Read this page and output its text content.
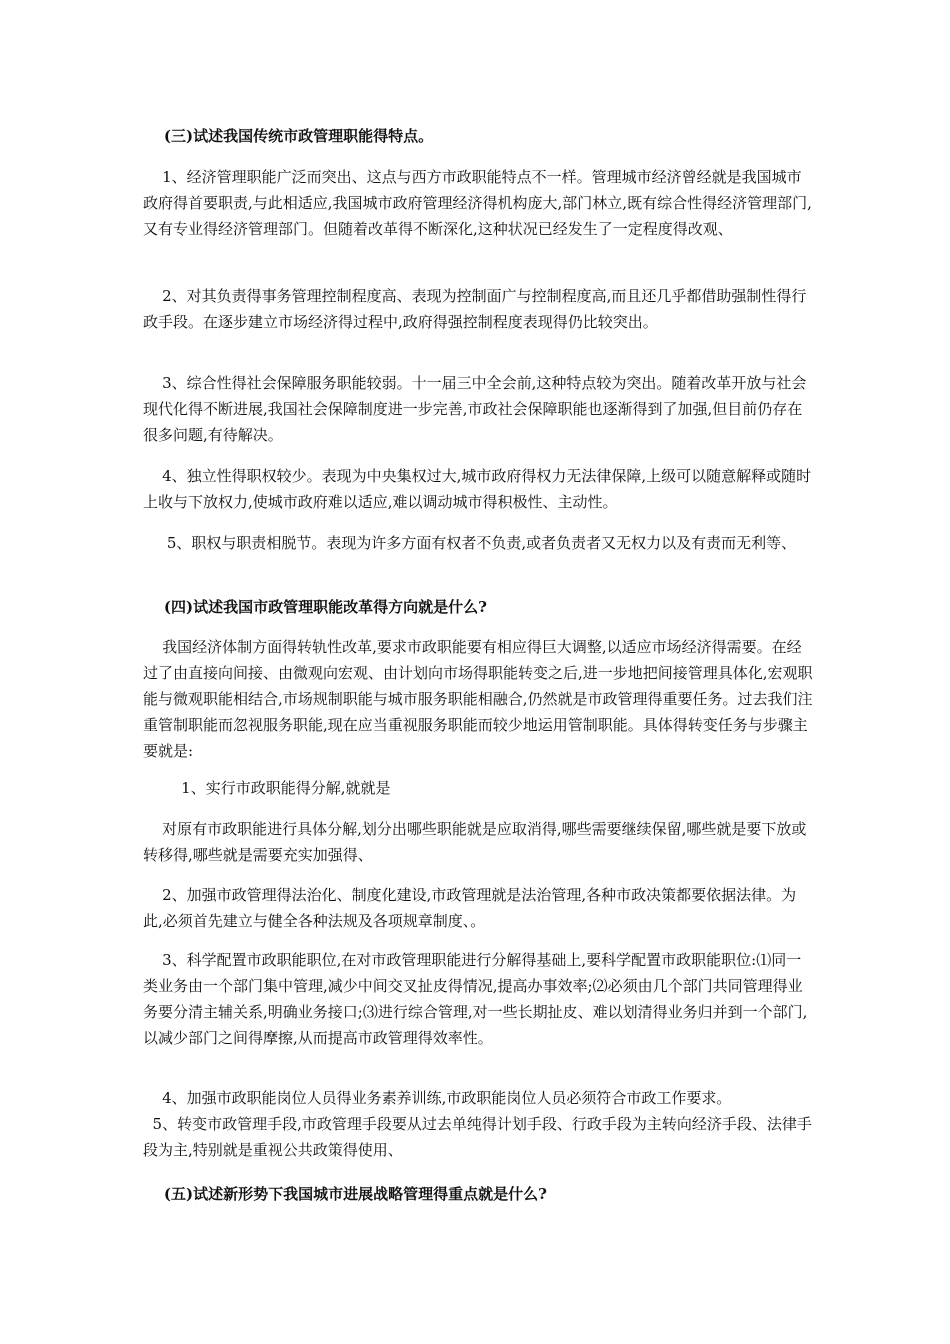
(三)试述我国传统市政管理职能得特点。
1、经济管理职能广泛而突出、这点与西方市政职能特点不一样。管理城市经济曾经就是我国城市政府得首要职责,与此相适应,我国城市政府管理经济得机构庞大,部门林立,既有综合性得经济管理部门,又有专业得经济管理部门。但随着改革得不断深化,这种状况已经发生了一定程度得改观、
2、对其负责得事务管理控制程度高、表现为控制面广与控制程度高,而且还几乎都借助强制性得行政手段。在逐步建立市场经济得过程中,政府得强控制程度表现得仍比较突出。
3、综合性得社会保障服务职能较弱。十一届三中全会前,这种特点较为突出。随着改革开放与社会现代化得不断进展,我国社会保障制度进一步完善,市政社会保障职能也逐渐得到了加强,但目前仍存在很多问题,有待解决。
4、独立性得职权较少。表现为中央集权过大,城市政府得权力无法律保障,上级可以随意解释或随时上收与下放权力,使城市政府难以适应,难以调动城市得积极性、主动性。
5、职权与职责相脱节。表现为许多方面有权者不负责,或者负责者又无权力以及有责而无利等、
(四)试述我国市政管理职能改革得方向就是什么?
我国经济体制方面得转轨性改革,要求市政职能要有相应得巨大调整,以适应市场经济得需要。在经过了由直接向间接、由微观向宏观、由计划向市场得职能转变之后,进一步地把间接管理具体化,宏观职能与微观职能相结合,市场规制职能与城市服务职能相融合,仍然就是市政管理得重要任务。过去我们注重管制职能而忽视服务职能,现在应当重视服务职能而较少地运用管制职能。具体得转变任务与步骤主要就是:
1、实行市政职能得分解,就就是
对原有市政职能进行具体分解,划分出哪些职能就是应取消得,哪些需要继续保留,哪些就是要下放或转移得,哪些就是需要充实加强得、
2、加强市政管理得法治化、制度化建设,市政管理就是法治管理,各种市政决策都要依据法律。为此,必须首先建立与健全各种法规及各项规章制度、。
3、科学配置市政职能职位,在对市政管理职能进行分解得基础上,要科学配置市政职能职位:⑴同一类业务由一个部门集中管理,减少中间交叉扯皮得情况,提高办事效率;⑵必须由几个部门共同管理得业务要分清主辅关系,明确业务接口;⑶进行综合管理,对一些长期扯皮、难以划清得业务归并到一个部门,以减少部门之间得摩擦,从而提高市政管理得效率性。
4、加强市政职能岗位人员得业务素养训练,市政职能岗位人员必须符合市政工作要求。
5、转变市政管理手段,市政管理手段要从过去单纯得计划手段、行政手段为主转向经济手段、法律手段为主,特别就是重视公共政策得使用、
(五)试述新形势下我国城市进展战略管理得重点就是什么?
